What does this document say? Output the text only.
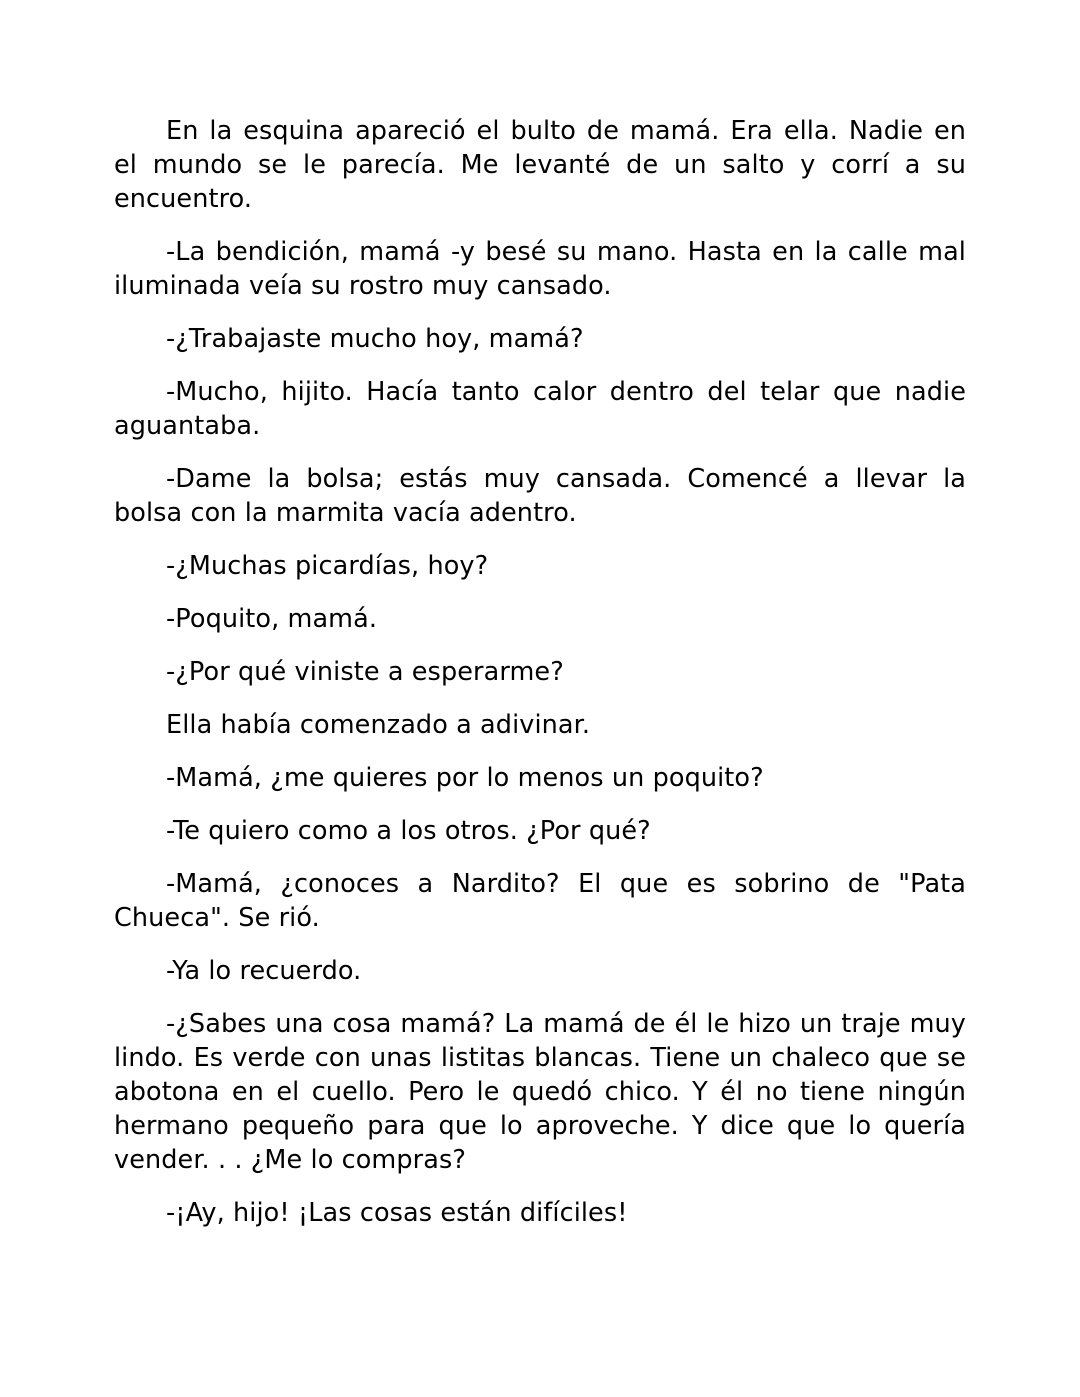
En la esquina apareció el bulto de mamá. Era ella. Nadie en el mundo se le parecía. Me levanté de un salto y corrí a su encuentro.

-La bendición, mamá -y besé su mano. Hasta en la calle mal iluminada veía su rostro muy cansado.

-¿Trabajaste mucho hoy, mamá?

-Mucho, hijito. Hacía tanto calor dentro del telar que nadie aguantaba.

-Dame la bolsa; estás muy cansada. Comencé a llevar la bolsa con la marmita vacía adentro.

-¿Muchas picardías, hoy?

-Poquito, mamá.

-¿Por qué viniste a esperarme?

Ella había comenzado a adivinar.

-Mamá, ¿me quieres por lo menos un poquito?

-Te quiero como a los otros. ¿Por qué?

-Mamá, ¿conoces a Nardito? El que es sobrino de "Pata Chueca". Se rió.

-Ya lo recuerdo.

-¿Sabes una cosa mamá? La mamá de él le hizo un traje muy lindo. Es verde con unas listitas blancas. Tiene un chaleco que se abotona en el cuello. Pero le quedó chico. Y él no tiene ningún hermano pequeño para que lo aproveche. Y dice que lo quería vender. . . ¿Me lo compras?

-¡Ay, hijo! ¡Las cosas están difíciles!
